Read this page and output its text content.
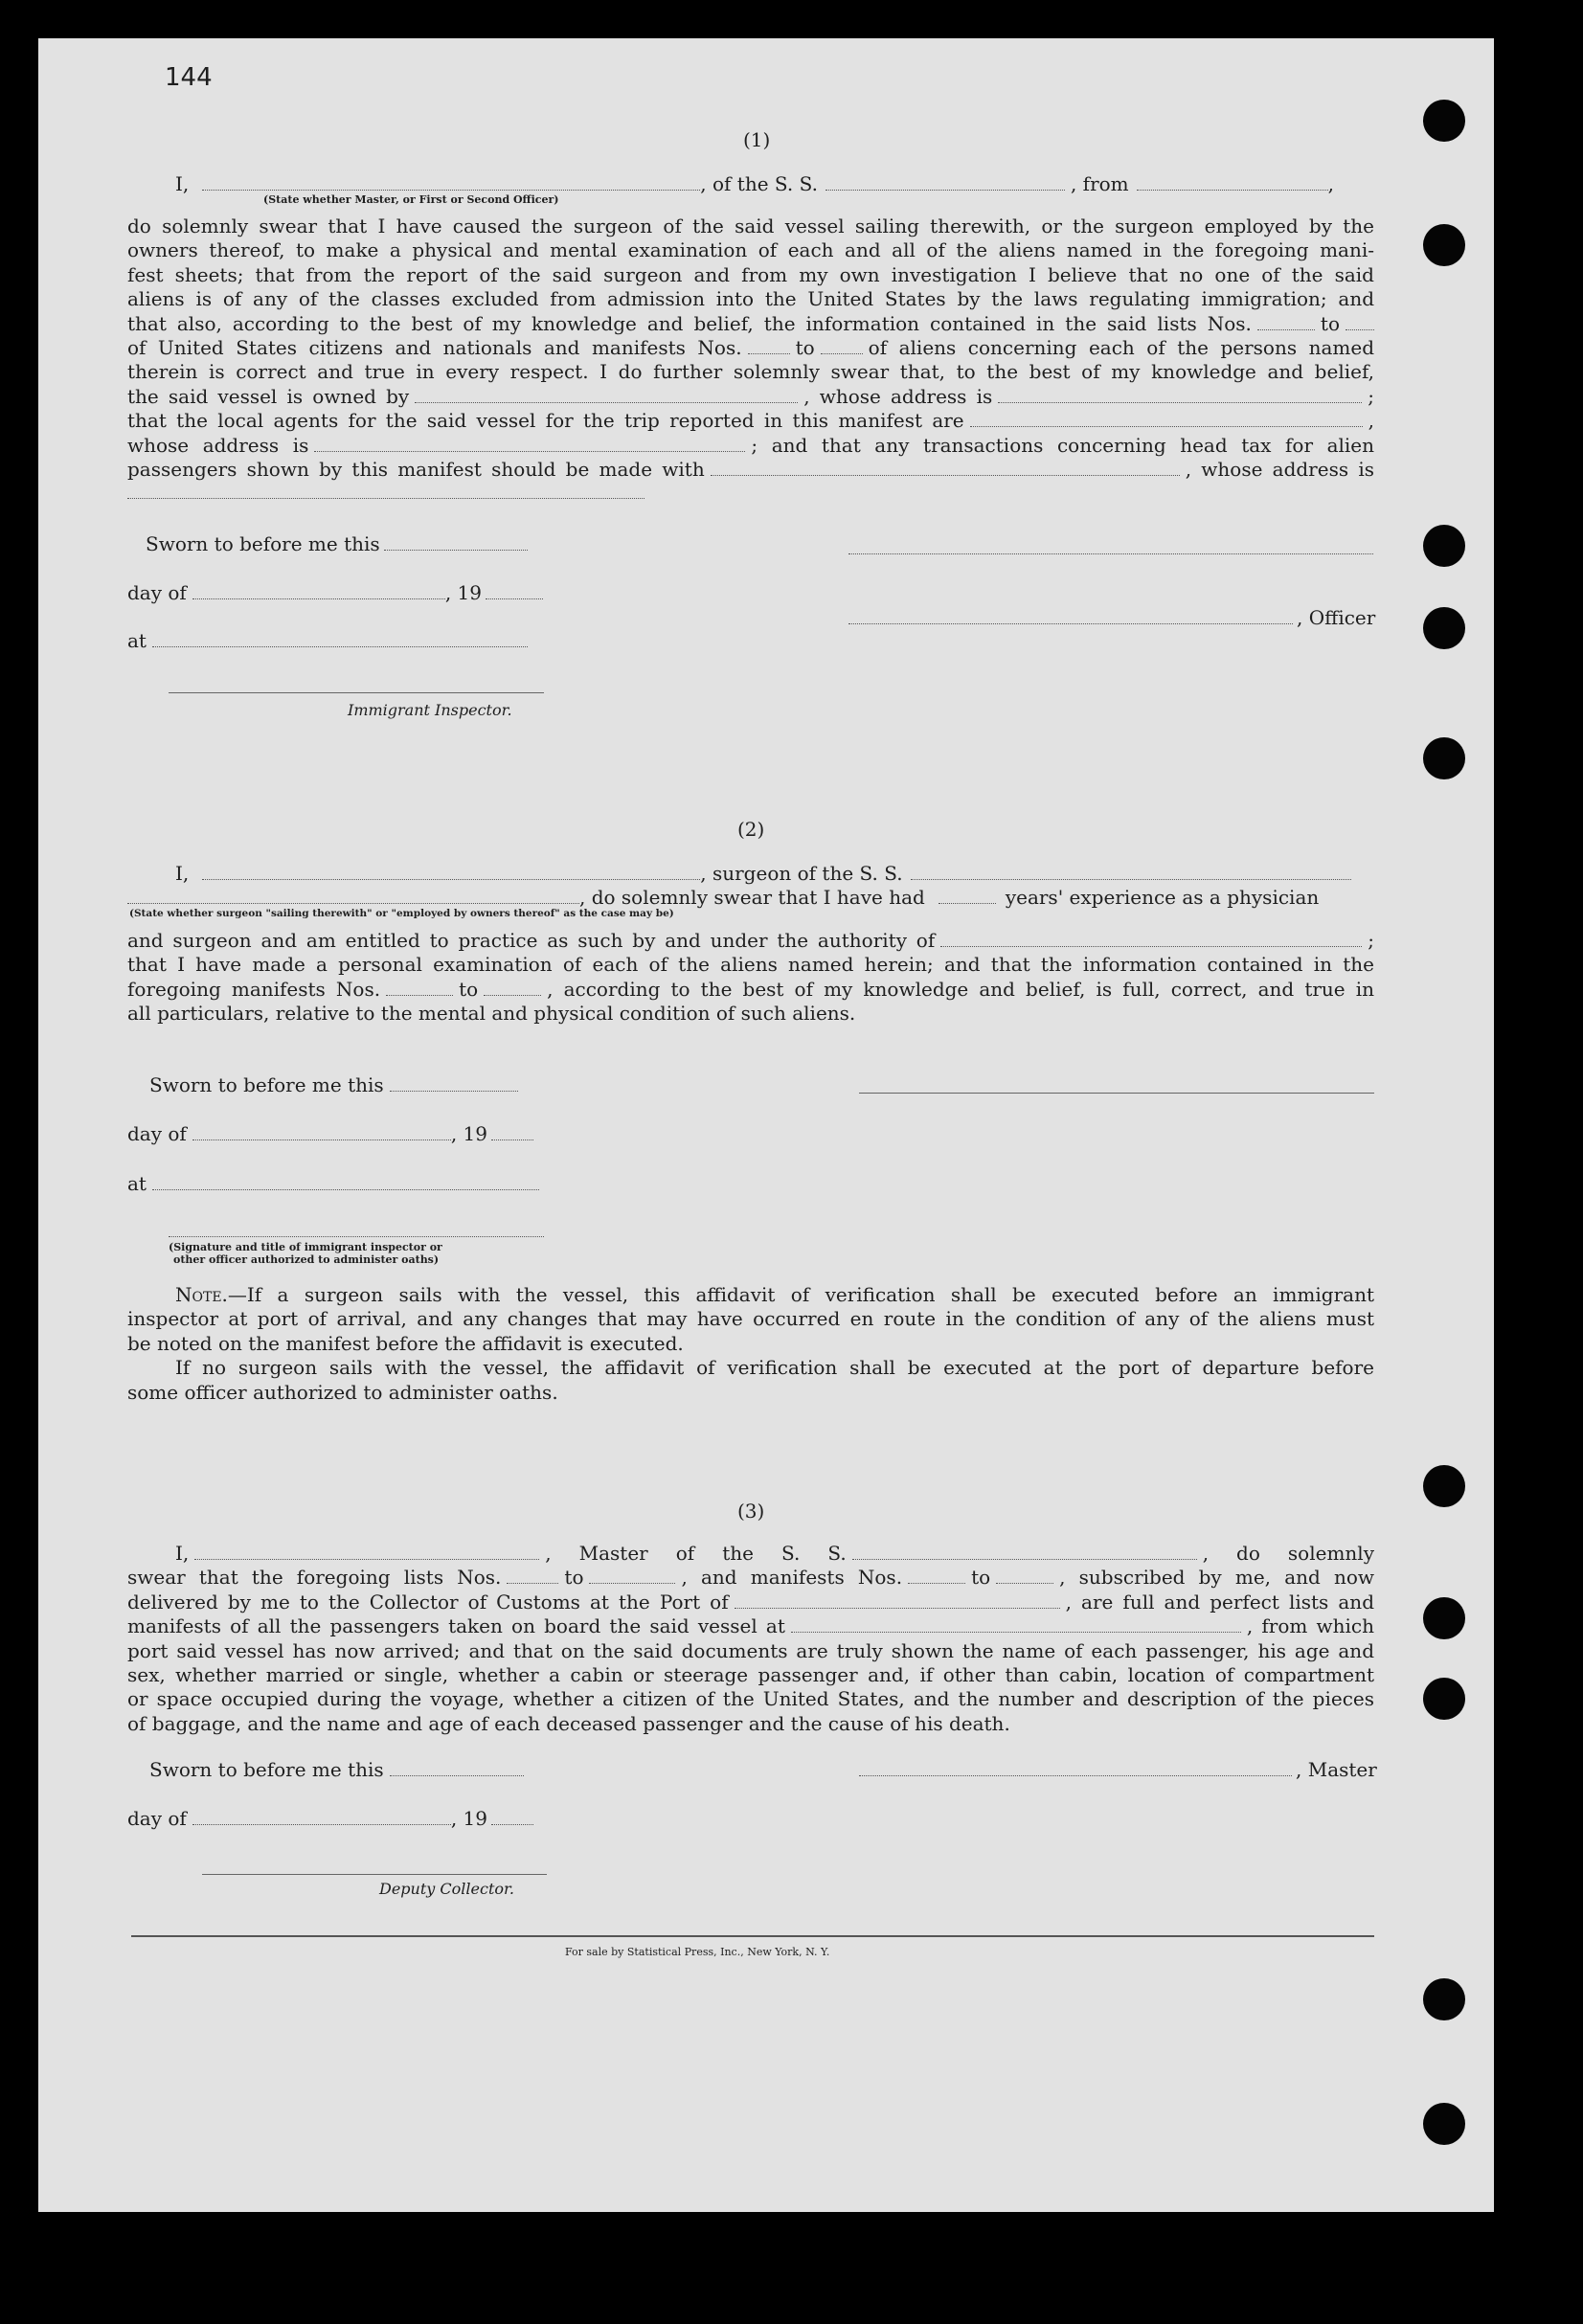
144
(1)
I,	, of the S. S.	, from	,
(State whether Master, or First or Second Officer)
do solemnly swear that I have caused the surgeon of the said vessel sailing therewith, or the surgeon employed by the
owners thereof, to make a physical and mental examination of each and all of the aliens named in the foregoing mani-
fest sheets; that from the report of the said surgeon and from my own investigation I believe that no one of the said
aliens is of any of the classes excluded from admission into the United States by the laws regulating immigration; and
that also, according to the best of my knowledge and belief, the information contained in the said lists Nos.	to
of United States citizens and nationals and manifests Nos.	to	of aliens concerning each of the persons named
therein is correct and true in every respect. I do further solemnly swear that, to the best of my knowledge and belief,
the said vessel is owned by	, whose address is	;
that the local agents for the said vessel for the trip reported in this manifest are	,
whose address is	; and that any transactions concerning head tax for alien
passengers shown by this manifest should be made with	, whose address is
Sworn to before me this
day of	, 19
, Officer
at
Immigrant Inspector.
(2)
I,	, surgeon of the S. S.
, do solemnly swear that I have had	years' experience as a physician
(State whether surgeon "sailing therewith" or "employed by owners thereof" as the case may be)
and surgeon and am entitled to practice as such by and under the authority of	;
that I have made a personal examination of each of the aliens named herein; and that the information contained in the
foregoing manifests Nos.	to	, according to the best of my knowledge and belief, is full, correct, and true in
all particulars, relative to the mental and physical condition of such aliens.
Sworn to before me this
day of	, 19
at
(Signature and title of immigrant inspector or
other officer authorized to administer oaths)
Note.—If a surgeon sails with the vessel, this affidavit of verification shall be executed before an immigrant
inspector at port of arrival, and any changes that may have occurred en route in the condition of any of the aliens must
be noted on the manifest before the affidavit is executed.
If no surgeon sails with the vessel, the affidavit of verification shall be executed at the port of departure before
some officer authorized to administer oaths.
(3)
I,	, Master of the S. S.	, do solemnly
swear that the foregoing lists Nos.	to	, and manifests Nos.	to	, subscribed by me, and now
delivered by me to the Collector of Customs at the Port of	, are full and perfect lists and
manifests of all the passengers taken on board the said vessel at	, from which
port said vessel has now arrived; and that on the said documents are truly shown the name of each passenger, his age and
sex, whether married or single, whether a cabin or steerage passenger and, if other than cabin, location of compartment
or space occupied during the voyage, whether a citizen of the United States, and the number and description of the pieces
of baggage, and the name and age of each deceased passenger and the cause of his death.
Sworn to before me this	, Master
day of	, 19
Deputy Collector.
For sale by Statistical Press, Inc., New York, N. Y.
